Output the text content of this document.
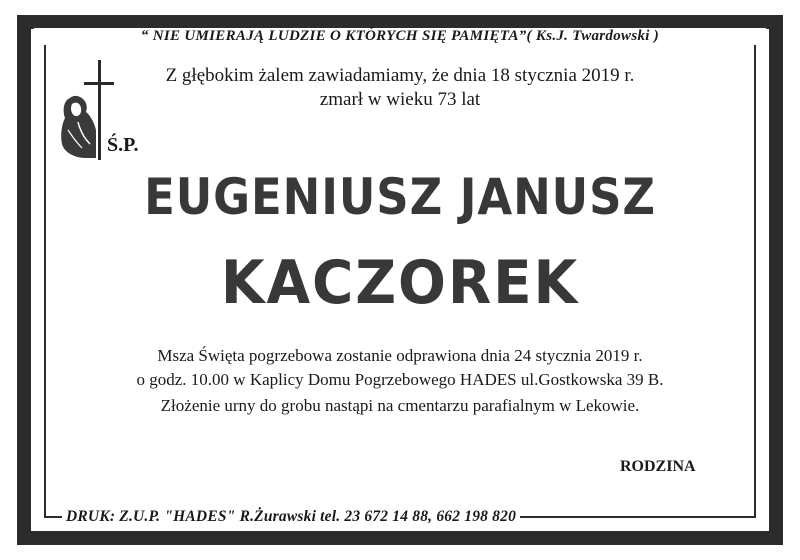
“ NIE UMIERAJĄ LUDZIE O KTÓRYCH SIĘ PAMIĘTA”( Ks.J. Twardowski )
Z głębokim żalem zawiadamiamy, że dnia 18 stycznia 2019 r.
zmarł w wieku 73 lat
Ś.P.
EUGENIUSZ JANUSZ
KACZOREK
Msza Święta pogrzebowa zostanie odprawiona dnia 24 stycznia 2019 r.
o godz. 10.00 w Kaplicy Domu Pogrzebowego HADES ul.Gostkowska 39 B.
Złożenie urny do grobu nastąpi na cmentarzu parafialnym w Lekowie.
RODZINA
DRUK: Z.U.P. "HADES" R.Żurawski tel. 23 672 14 88, 662 198 820
